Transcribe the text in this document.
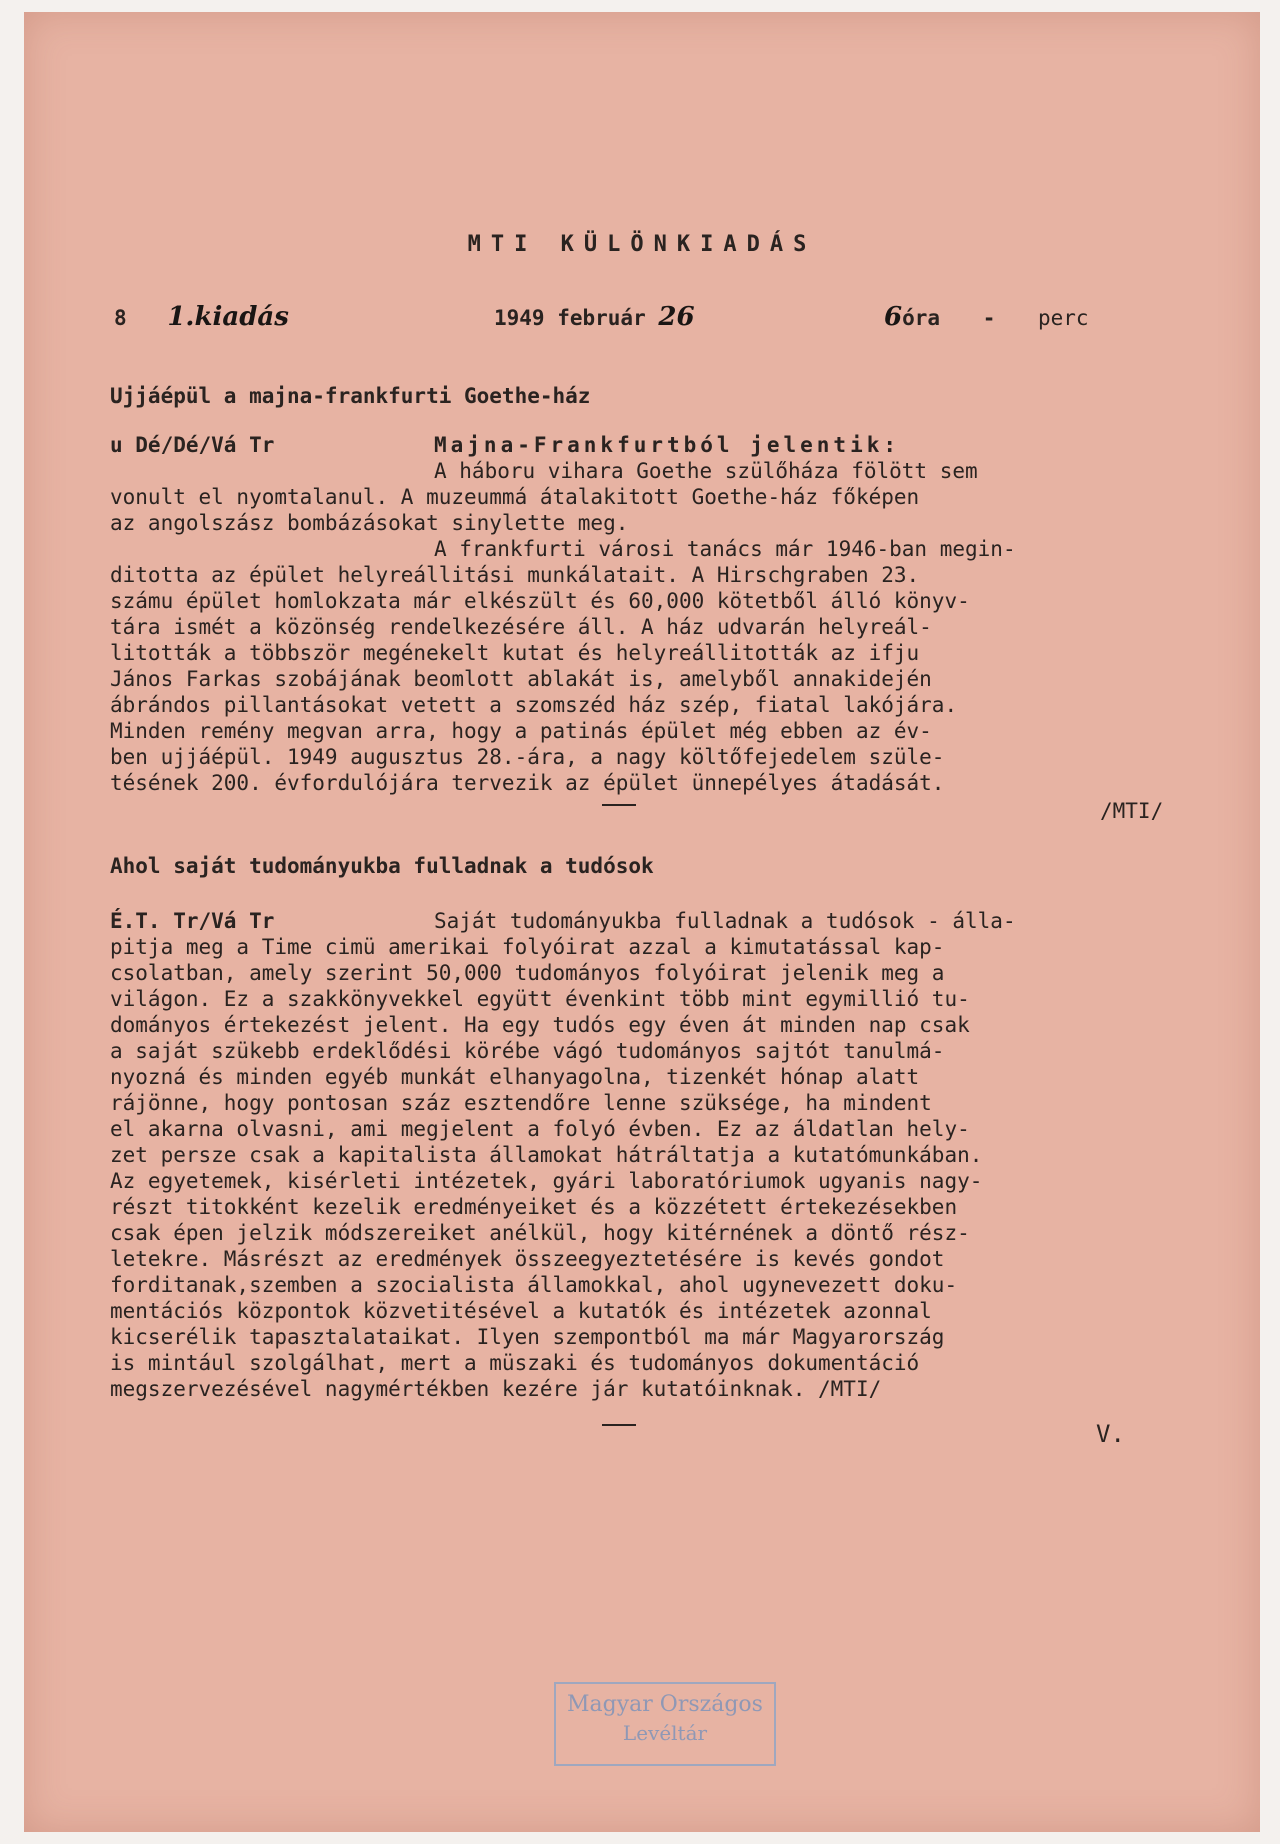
MTI KÜLÖNKIADÁS
8 1.kiadás	1949 február 26	6óra - perc
Ujjáépül a majna-frankfurti Goethe-ház
u Dé/Dé/Vá Tr	Majna-Frankfurtból jelentik:
A háboru vihara Goethe szülőháza fölött sem
vonult el nyomtalanul. A muzeummá átalakitott Goethe-ház főképen
az angolszász bombázásokat sinylette meg.
A frankfurti városi tanács már 1946-ban megin-
ditotta az épület helyreállitási munkálatait. A Hirschgraben 23.
számu épület homlokzata már elkészült és 60,000 kötetből álló könyv-
tára ismét a közönség rendelkezésére áll. A ház udvarán helyreál-
litották a többször megénekelt kutat és helyreállitották az ifju
János Farkas szobájának beomlott ablakát is, amelyből annakidején
ábrándos pillantásokat vetett a szomszéd ház szép, fiatal lakójára.
Minden remény megvan arra, hogy a patinás épület még ebben az év-
ben ujjáépül. 1949 augusztus 28.-ára, a nagy költőfejedelem szüle-
tésének 200. évfordulójára tervezik az épület ünnepélyes átadását.
/MTI/
Ahol saját tudományukba fulladnak a tudósok
É.T. Tr/Vá Tr	Saját tudományukba fulladnak a tudósok - álla-
pitja meg a Time cimü amerikai folyóirat azzal a kimutatással kap-
csolatban, amely szerint 50,000 tudományos folyóirat jelenik meg a
világon. Ez a szakkönyvekkel együtt évenkint több mint egymillió tu-
dományos értekezést jelent. Ha egy tudós egy éven át minden nap csak
a saját szükebb erdeklődési körébe vágó tudományos sajtót tanulmá-
nyozná és minden egyéb munkát elhanyagolna, tizenkét hónap alatt
rájönne, hogy pontosan száz esztendőre lenne szüksége, ha mindent
el akarna olvasni, ami megjelent a folyó évben. Ez az áldatlan hely-
zet persze csak a kapitalista államokat hátráltatja a kutatómunkában.
Az egyetemek, kisérleti intézetek, gyári laboratóriumok ugyanis nagy-
részt titokként kezelik eredményeiket és a közzétett értekezésekben
csak épen jelzik módszereiket anélkül, hogy kitérnének a döntő rész-
letekre. Másrészt az eredmények összeegyeztetésére is kevés gondot
forditanak,szemben a szocialista államokkal, ahol ugynevezett doku-
mentációs központok közvetitésével a kutatók és intézetek azonnal
kicserélik tapasztalataikat. Ilyen szempontból ma már Magyarország
is mintául szolgálhat, mert a müszaki és tudományos dokumentáció
megszervezésével nagymértékben kezére jár kutatóinknak. /MTI/
V.
Magyar Országos
Levéltár
